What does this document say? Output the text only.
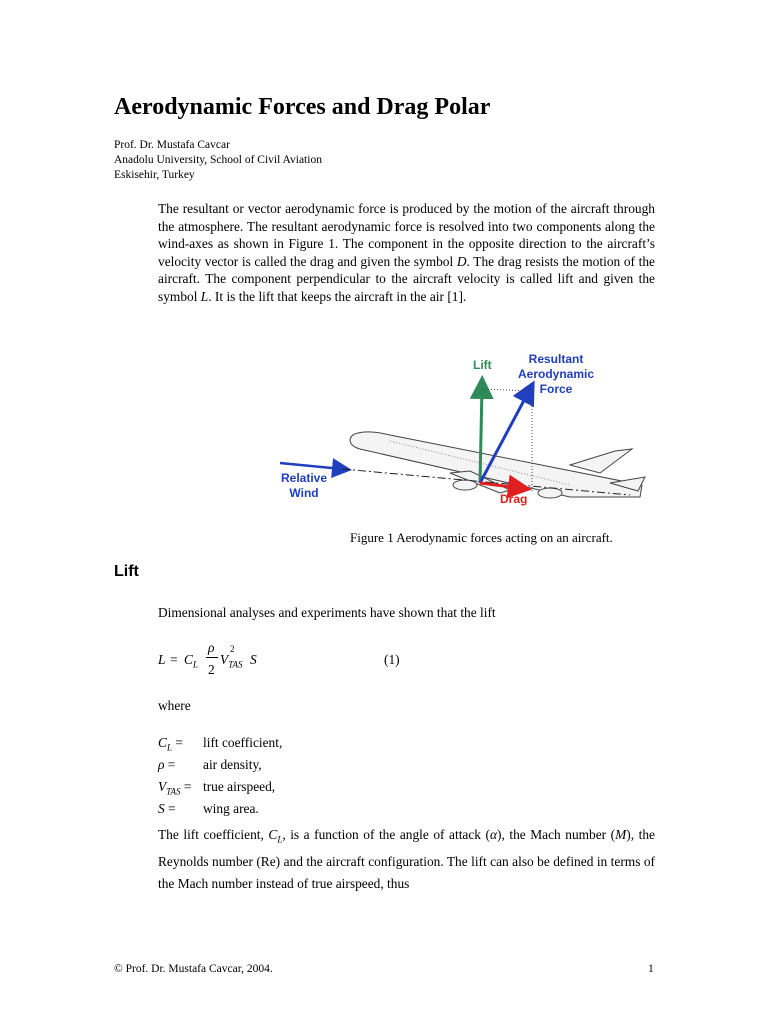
Aerodynamic Forces and Drag Polar
Prof. Dr. Mustafa Cavcar
Anadolu University, School of Civil Aviation
Eskisehir, Turkey
The resultant or vector aerodynamic force is produced by the motion of the aircraft through the atmosphere. The resultant aerodynamic force is resolved into two components along the wind-axes as shown in Figure 1. The component in the opposite direction to the aircraft’s velocity vector is called the drag and given the symbol D. The drag resists the motion of the aircraft. The component perpendicular to the aircraft velocity is called lift and given the symbol L. It is the lift that keeps the aircraft in the air [1].
Lift	Resultant
Aerodynamic
Force
Relative
Wind	Drag
Figure 1 Aerodynamic forces acting on an aircraft.
Lift
Dimensional analyses and experiments have shown that the lift
$L = C_L$
ρ
2
$V_{TAS}$
2
S	(1)
where
$C_L$ = lift coefficient,
ρ = air density,
$V_{TAS}$ = true airspeed,
S = wing area.
The lift coefficient, $C_L$, is a function of the angle of attack (α), the Mach number (M), the Reynolds number (Re) and the aircraft configuration. The lift can also be defined in terms of the Mach number instead of true airspeed, thus
© Prof. Dr. Mustafa Cavcar, 2004.	1
